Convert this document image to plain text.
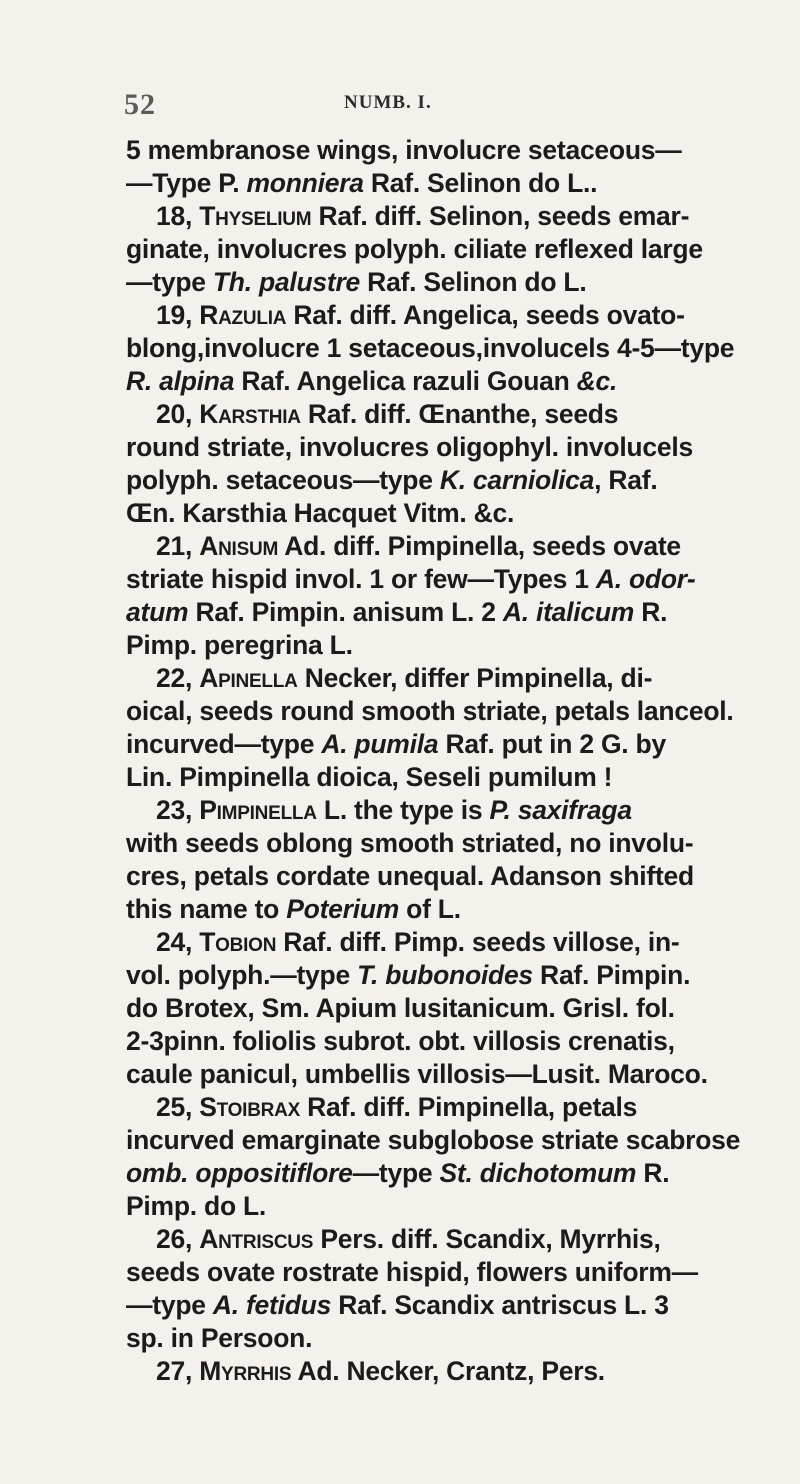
52	NUMB. I.
5 membranose wings, involucre setaceous—
—Type P. monniera Raf. Selinon do L..
18, Thyselium Raf. diff. Selinon, seeds emar-
ginate, involucres polyph. ciliate reflexed large
—type Th. palustre Raf. Selinon do L.
19, Razulia Raf. diff. Angelica, seeds ovato-
blong,involucre 1 setaceous,involucels 4-5—type
R. alpina Raf. Angelica razuli Gouan &c.
20, Karsthia Raf. diff. Œnanthe, seeds
round striate, involucres oligophyl. involucels
polyph. setaceous—type K. carniolica, Raf.
Œn. Karsthia Hacquet Vitm. &c.
21, Anisum Ad. diff. Pimpinella, seeds ovate
striate hispid invol. 1 or few—Types 1 A. odor-
atum Raf. Pimpin. anisum L. 2 A. italicum R.
Pimp. peregrina L.
22, Apinella Necker, differ Pimpinella, di-
oical, seeds round smooth striate, petals lanceol.
incurved—type A. pumila Raf. put in 2 G. by
Lin. Pimpinella dioica, Seseli pumilum !
23, Pimpinella L. the type is P. saxifraga
with seeds oblong smooth striated, no involu-
cres, petals cordate unequal. Adanson shifted
this name to Poterium of L.
24, Tobion Raf. diff. Pimp. seeds villose, in-
vol. polyph.—type T. bubonoides Raf. Pimpin.
do Brotex, Sm. Apium lusitanicum. Grisl. fol.
2-3pinn. foliolis subrot. obt. villosis crenatis,
caule panicul, umbellis villosis—Lusit. Maroco.
25, Stoibrax Raf. diff. Pimpinella, petals
incurved emarginate subglobose striate scabrose
omb. oppositiflore—type St. dichotomum R.
Pimp. do L.
26, Antriscus Pers. diff. Scandix, Myrrhis,
seeds ovate rostrate hispid, flowers uniform—
—type A. fetidus Raf. Scandix antriscus L. 3
sp. in Persoon.
27, Myrrhis Ad. Necker, Crantz, Pers.
